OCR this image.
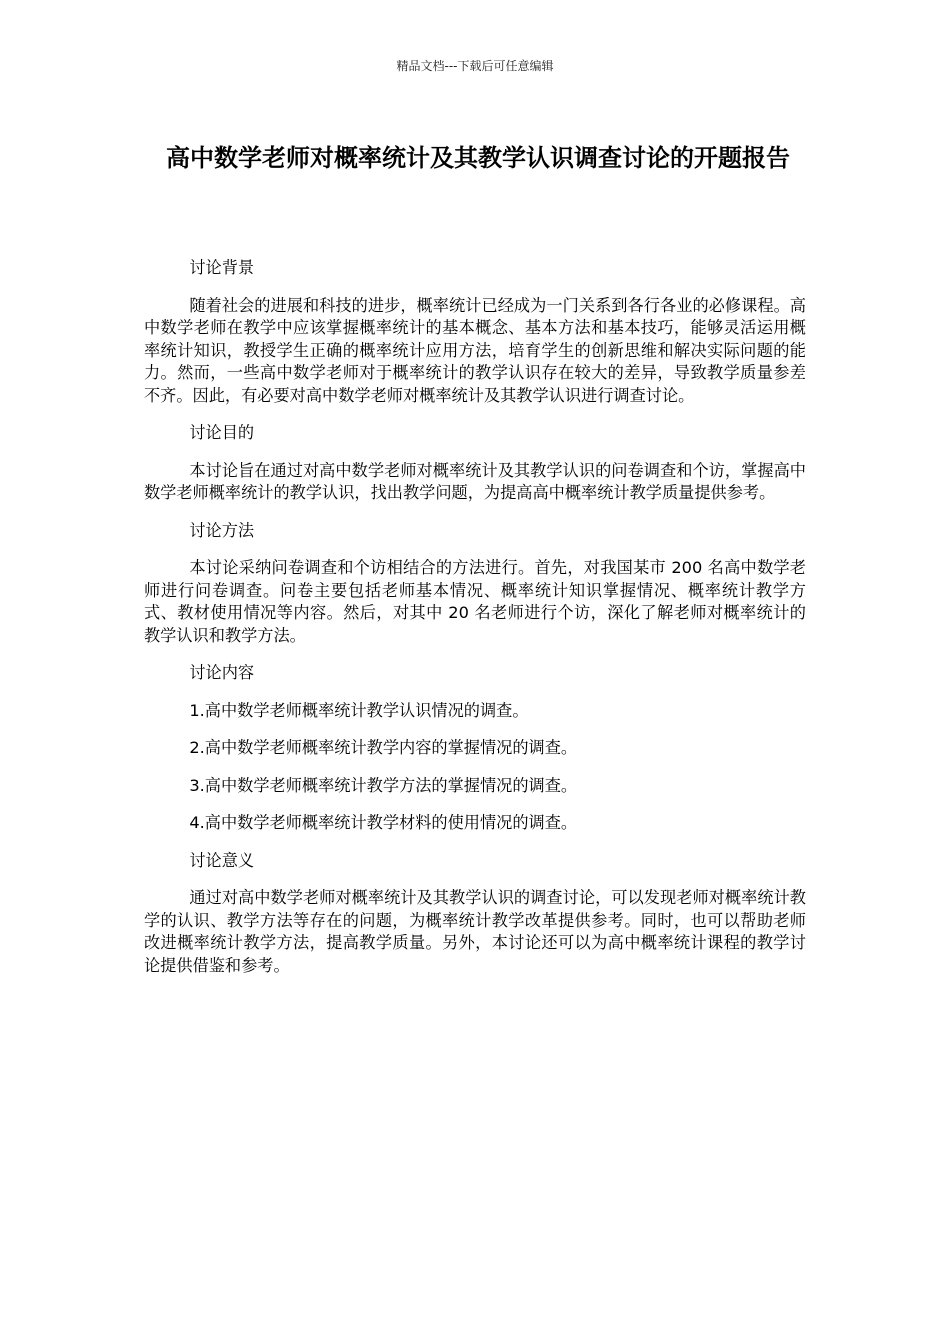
精品文档---下载后可任意编辑
高中数学老师对概率统计及其教学认识调查讨论的开题报告

讨论背景

随着社会的进展和科技的进步，概率统计已经成为一门关系到各行各业的必修课程。高中数学老师在教学中应该掌握概率统计的基本概念、基本方法和基本技巧，能够灵活运用概率统计知识，教授学生正确的概率统计应用方法，培育学生的创新思维和解决实际问题的能力。然而，一些高中数学老师对于概率统计的教学认识存在较大的差异，导致教学质量参差不齐。因此，有必要对高中数学老师对概率统计及其教学认识进行调查讨论。

讨论目的

本讨论旨在通过对高中数学老师对概率统计及其教学认识的问卷调查和个访，掌握高中数学老师概率统计的教学认识，找出教学问题，为提高高中概率统计教学质量提供参考。

讨论方法

本讨论采纳问卷调查和个访相结合的方法进行。首先，对我国某市 200 名高中数学老师进行问卷调查。问卷主要包括老师基本情况、概率统计知识掌握情况、概率统计教学方式、教材使用情况等内容。然后，对其中 20 名老师进行个访，深化了解老师对概率统计的教学认识和教学方法。

讨论内容

1.高中数学老师概率统计教学认识情况的调查。

2.高中数学老师概率统计教学内容的掌握情况的调查。

3.高中数学老师概率统计教学方法的掌握情况的调查。

4.高中数学老师概率统计教学材料的使用情况的调查。

讨论意义

通过对高中数学老师对概率统计及其教学认识的调查讨论，可以发现老师对概率统计教学的认识、教学方法等存在的问题，为概率统计教学改革提供参考。同时，也可以帮助老师改进概率统计教学方法，提高教学质量。另外，本讨论还可以为高中概率统计课程的教学讨论提供借鉴和参考。
